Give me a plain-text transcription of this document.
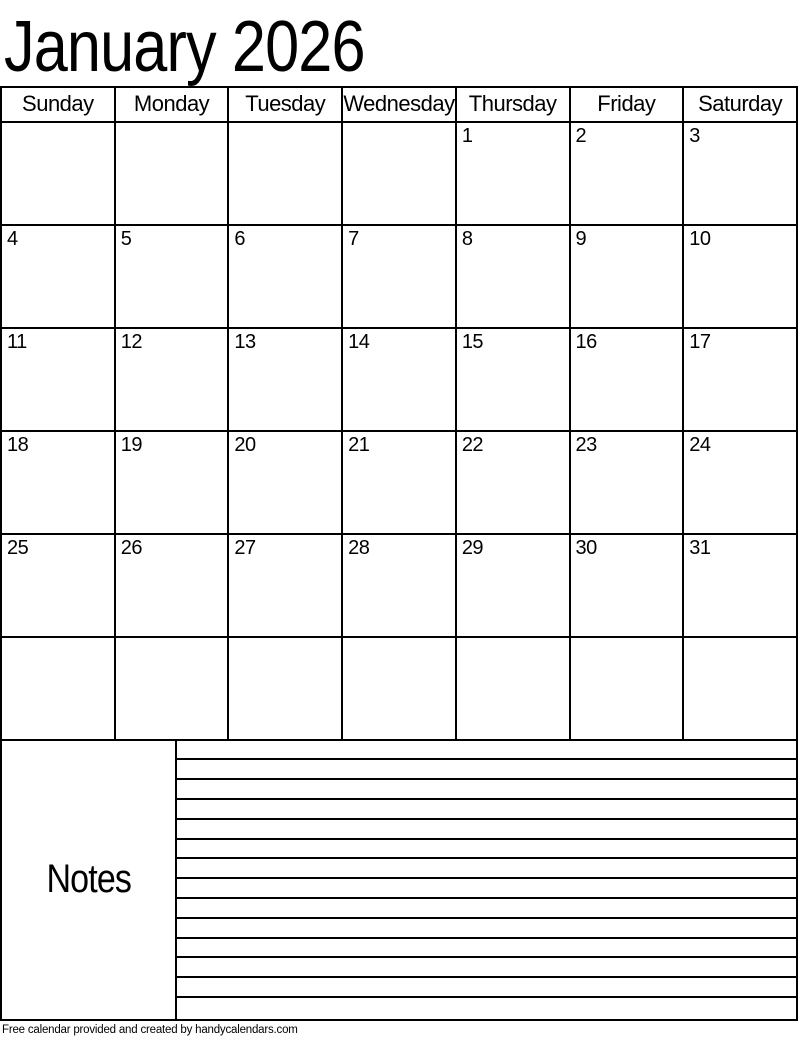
January 2026
Sunday	Monday	Tuesday	Wednesday	Thursday	Friday	Saturday
				1	2	3
4	5	6	7	8	9	10
11	12	13	14	15	16	17
18	19	20	21	22	23	24
25	26	27	28	29	30	31

Notes
Free calendar provided and created by handycalendars.com
